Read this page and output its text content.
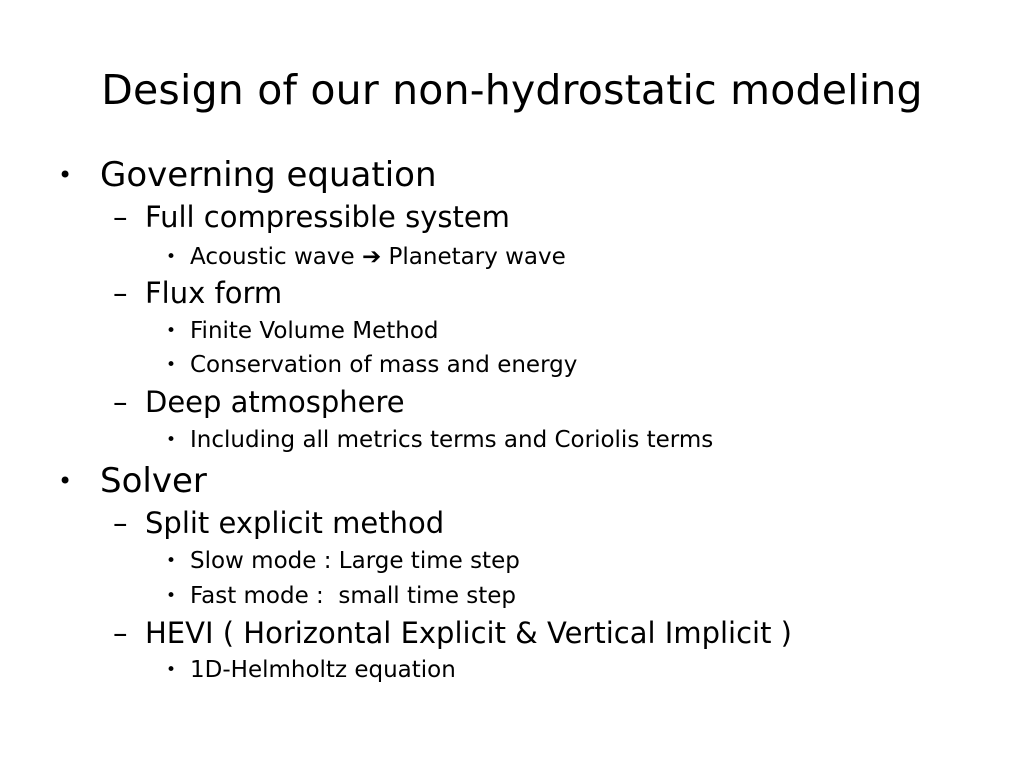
Design of our non-hydrostatic modeling
• Governing equation
– Full compressible system
• Acoustic wave ➔ Planetary wave
– Flux form
• Finite Volume Method
• Conservation of mass and energy
– Deep atmosphere
• Including all metrics terms and Coriolis terms
• Solver
– Split explicit method
• Slow mode : Large time step
• Fast mode :  small time step
– HEVI ( Horizontal Explicit & Vertical Implicit )
• 1D-Helmholtz equation
